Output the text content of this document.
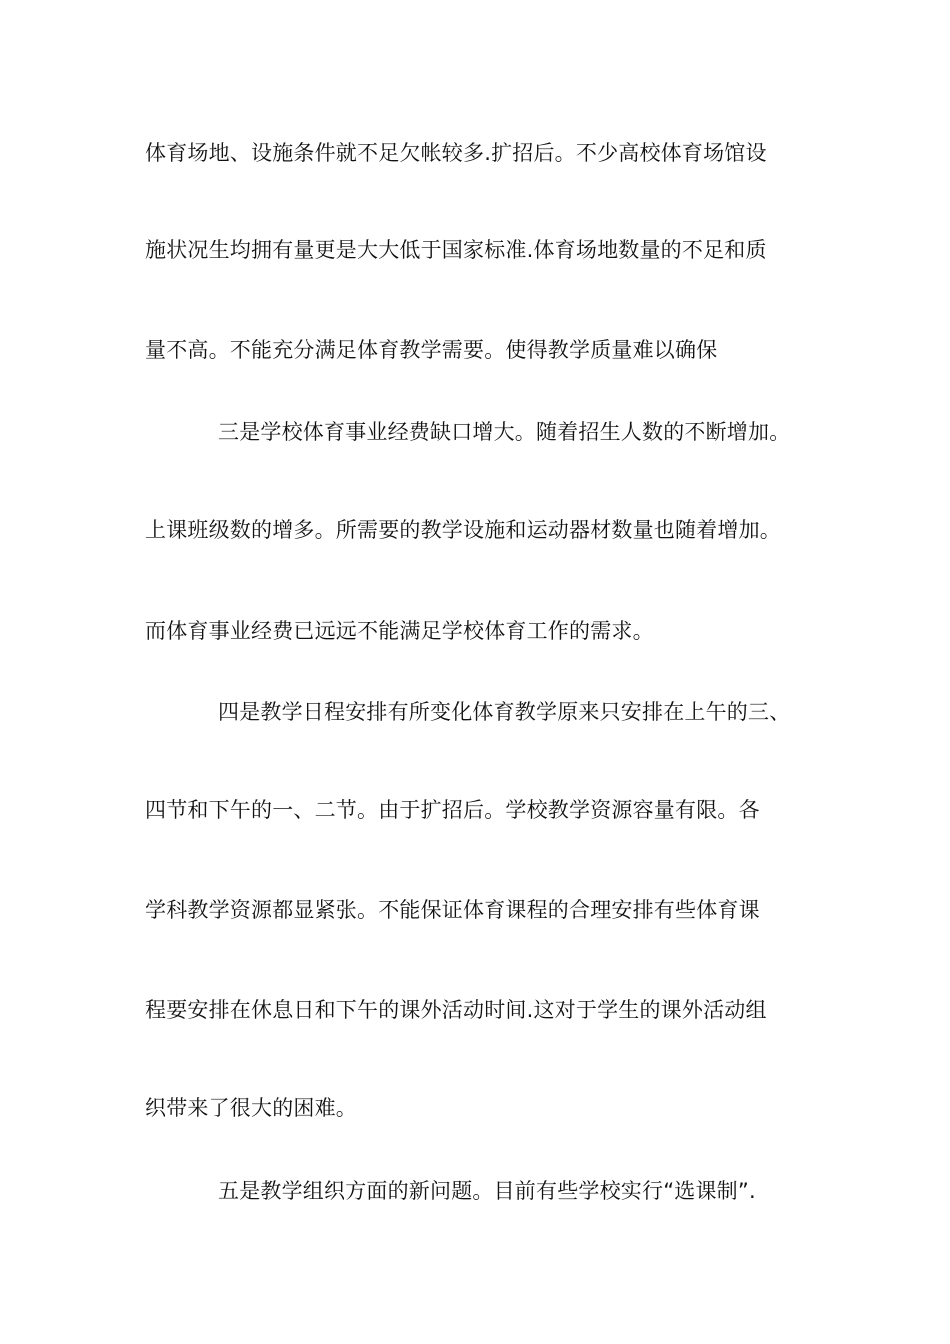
体育场地、设施条件就不足欠帐较多.扩招后。不少高校体育场馆设
施状况生均拥有量更是大大低于国家标准.体育场地数量的不足和质
量不高。不能充分满足体育教学需要。使得教学质量难以确保
三是学校体育事业经费缺口增大。随着招生人数的不断增加。
上课班级数的增多。所需要的教学设施和运动器材数量也随着增加。
而体育事业经费已远远不能满足学校体育工作的需求。
四是教学日程安排有所变化体育教学原来只安排在上午的三、
四节和下午的一、二节。由于扩招后。学校教学资源容量有限。各
学科教学资源都显紧张。不能保证体育课程的合理安排有些体育课
程要安排在休息日和下午的课外活动时间.这对于学生的课外活动组
织带来了很大的困难。
五是教学组织方面的新问题。目前有些学校实行“选课制”.
